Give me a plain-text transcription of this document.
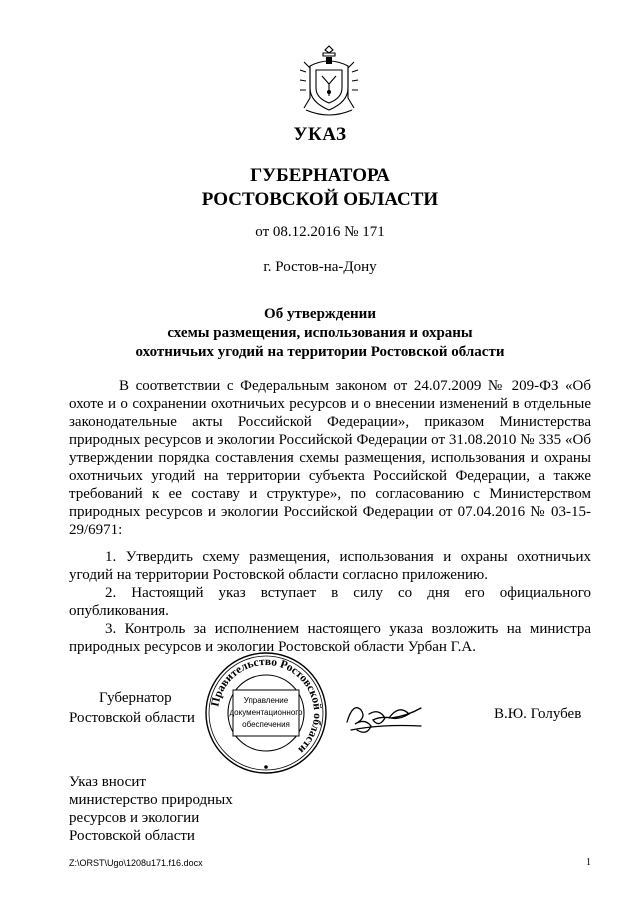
УКАЗ
ГУБЕРНАТОРА
РОСТОВСКОЙ ОБЛАСТИ
от 08.12.2016 № 171
г. Ростов-на-Дону
Об утверждении
схемы размещения, использования и охраны
охотничьих угодий на территории Ростовской области

В соответствии с Федеральным законом от 24.07.2009 № 209-ФЗ «Об охоте и о сохранении охотничьих ресурсов и о внесении изменений в отдельные законодательные акты Российской Федерации», приказом Министерства природных ресурсов и экологии Российской Федерации от 31.08.2010 № 335 «Об утверждении порядка составления схемы размещения, использования и охраны охотничьих угодий на территории субъекта Российской Федерации, а также требований к ее составу и структуре», по согласованию с Министерством природных ресурсов и экологии Российской Федерации от 07.04.2016 № 03-15-29/6971:

1. Утвердить схему размещения, использования и охраны охотничьих угодий на территории Ростовской области согласно приложению.

2. Настоящий указ вступает в силу со дня его официального опубликования.

3. Контроль за исполнением настоящего указа возложить на министра природных ресурсов и экологии Ростовской области Урбан Г.А.

Губернатор
Ростовской области
Правительство Ростовской области
Управление
документационного
обеспечения
В.Ю. Голубев
Указ вносит
министерство природных
ресурсов и экологии
Ростовской области
Z:\ORST\Ugo\1208u171.f16.docx	1
